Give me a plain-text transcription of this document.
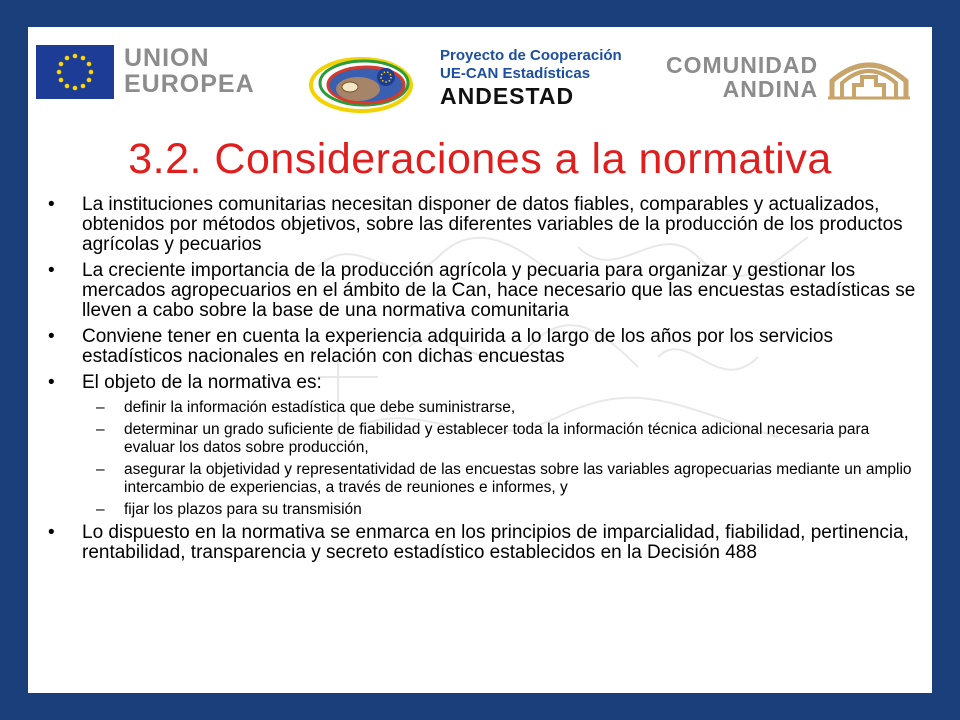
UNION
EUROPEA
Proyecto de Cooperación
UE-CAN Estadísticas
ANDESTAD
COMUNIDAD
ANDINA
3.2. Consideraciones a la normativa
• La instituciones comunitarias necesitan disponer de datos fiables, comparables y actualizados, obtenidos por métodos objetivos, sobre las diferentes variables de la producción de los productos agrícolas y pecuarios
• La creciente importancia de la producción agrícola y pecuaria para organizar y gestionar los mercados agropecuarios en el ámbito de la Can, hace necesario que las encuestas estadísticas se lleven a cabo sobre la base de una normativa comunitaria
• Conviene tener en cuenta la experiencia adquirida a lo largo de los años por los servicios estadísticos nacionales en relación con dichas encuestas
• El objeto de la normativa es:
– definir la información estadística que debe suministrarse,
– determinar un grado suficiente de fiabilidad y establecer toda la información técnica adicional necesaria para evaluar los datos sobre producción,
– asegurar la objetividad y representatividad de las encuestas sobre las variables agropecuarias mediante un amplio intercambio de experiencias, a través de reuniones e informes, y
– fijar los plazos para su transmisión
• Lo dispuesto en la normativa se enmarca en los principios de imparcialidad, fiabilidad, pertinencia, rentabilidad, transparencia y secreto estadístico establecidos en la Decisión 488
